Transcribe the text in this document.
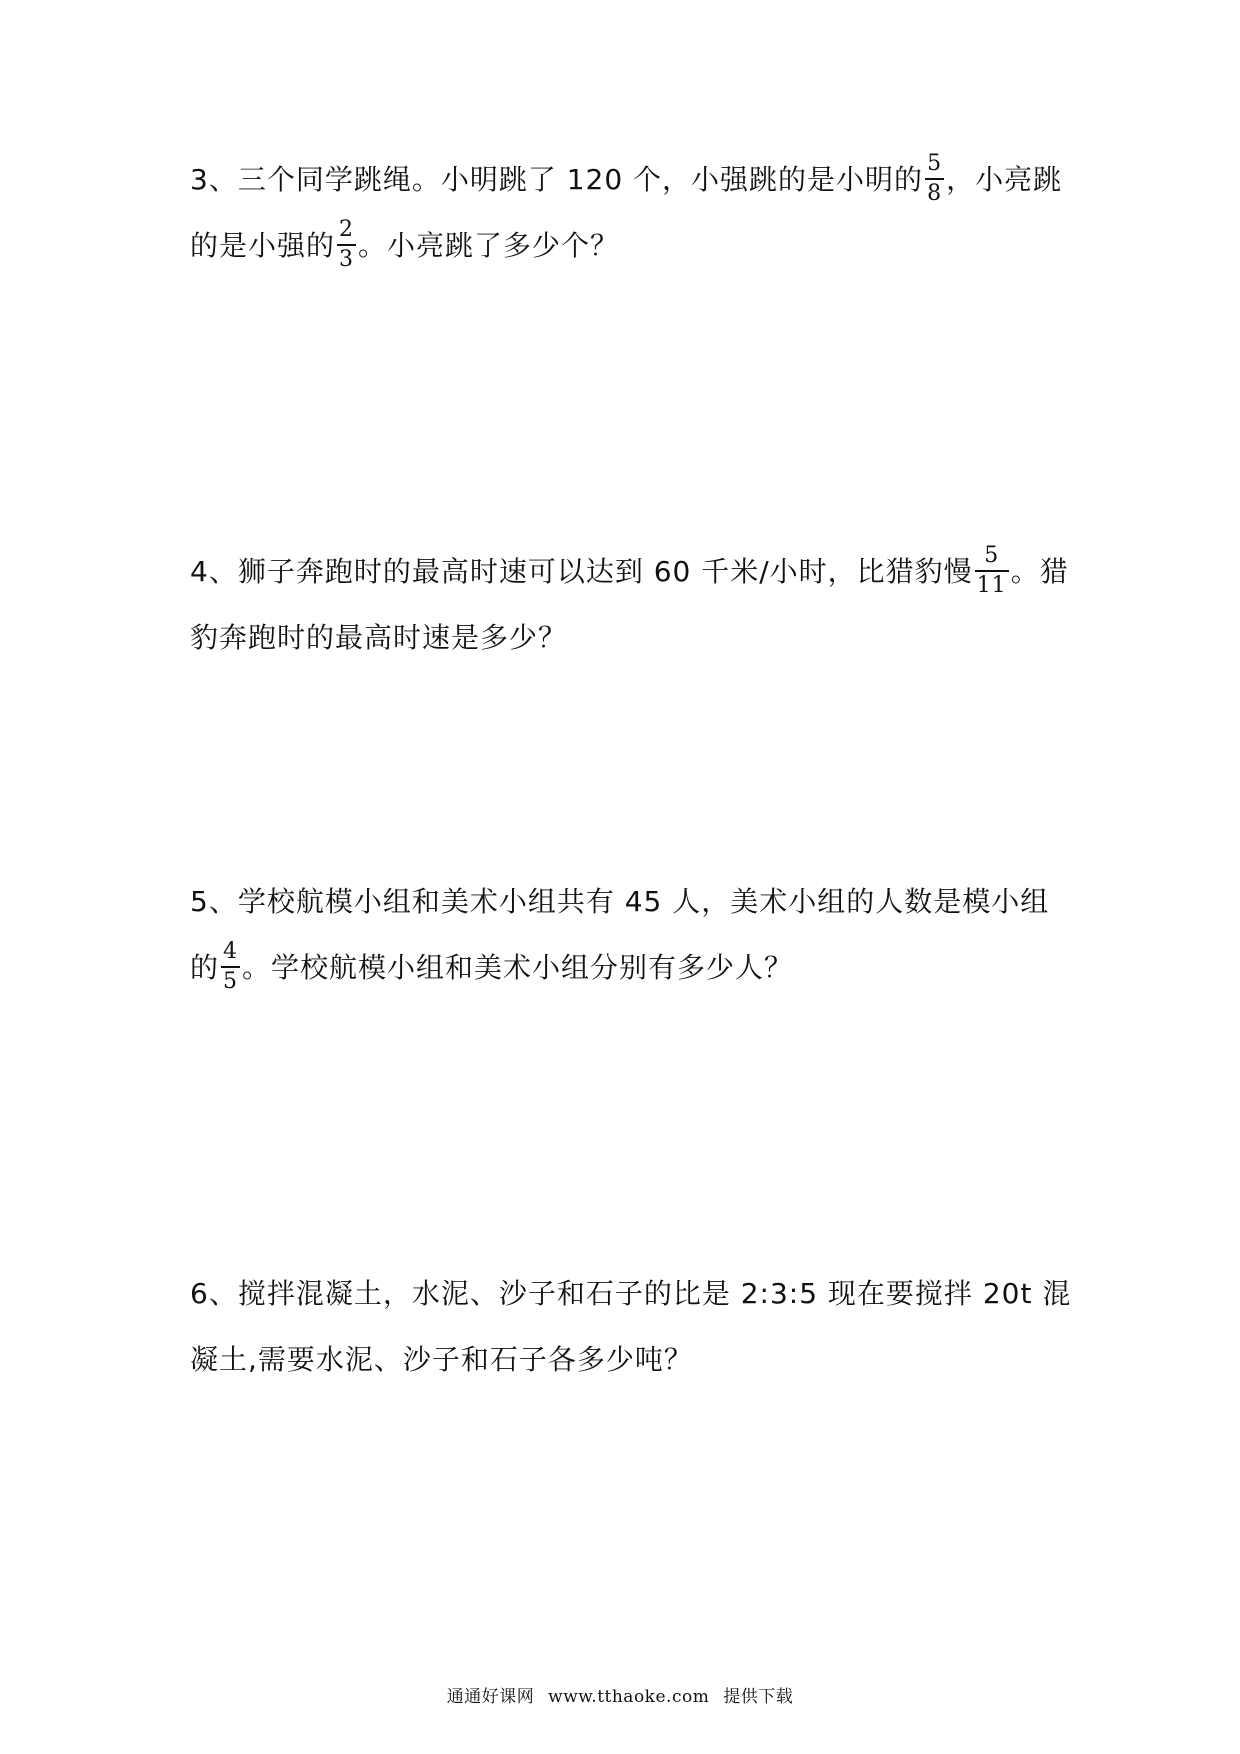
3、三个同学跳绳。小明跳了 120 个，小强跳的是小明的 $\frac{5}{8}$ ，小亮跳
的是小强的 $\frac{2}{3}$ 。小亮跳了多少个？
4、狮子奔跑时的最高时速可以达到 60 千米/小时，比猎豹慢 $\frac{5}{11}$ 。猎
豹奔跑时的最高时速是多少？
5、学校航模小组和美术小组共有 45 人，美术小组的人数是模小组
的 $\frac{4}{5}$ 。学校航模小组和美术小组分别有多少人？
6、搅拌混凝土，水泥、沙子和石子的比是 2:3:5 现在要搅拌 20t 混
凝土,需要水泥、沙子和石子各多少吨？
通通好课网 www.tthaoke.com 提供下载
